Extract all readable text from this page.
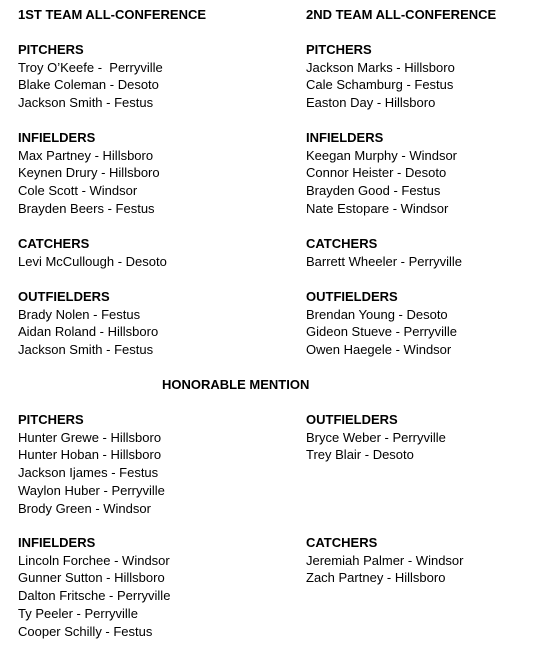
1ST TEAM ALL-CONFERENCE
PITCHERS
Troy O’Keefe -  Perryville
Blake Coleman - Desoto
Jackson Smith - Festus
INFIELDERS
Max Partney - Hillsboro
Keynen Drury - Hillsboro
Cole Scott - Windsor
Brayden Beers - Festus
CATCHERS
Levi McCullough - Desoto
OUTFIELDERS
Brady Nolen - Festus
Aidan Roland - Hillsboro
Jackson Smith - Festus
2ND TEAM ALL-CONFERENCE
PITCHERS
Jackson Marks - Hillsboro
Cale Schamburg - Festus
Easton Day - Hillsboro
INFIELDERS
Keegan Murphy - Windsor
Connor Heister - Desoto
Brayden Good - Festus
Nate Estopare - Windsor
CATCHERS
Barrett Wheeler - Perryville
OUTFIELDERS
Brendan Young - Desoto
Gideon Stueve - Perryville
Owen Haegele - Windsor
HONORABLE MENTION
PITCHERS
Hunter Grewe - Hillsboro
Hunter Hoban - Hillsboro
Jackson Ijames - Festus
Waylon Huber - Perryville
Brody Green - Windsor
INFIELDERS
Lincoln Forchee - Windsor
Gunner Sutton - Hillsboro
Dalton Fritsche - Perryville
Ty Peeler - Perryville
Cooper Schilly - Festus
OUTFIELDERS
Bryce Weber - Perryville
Trey Blair - Desoto
CATCHERS
Jeremiah Palmer - Windsor
Zach Partney - Hillsboro
